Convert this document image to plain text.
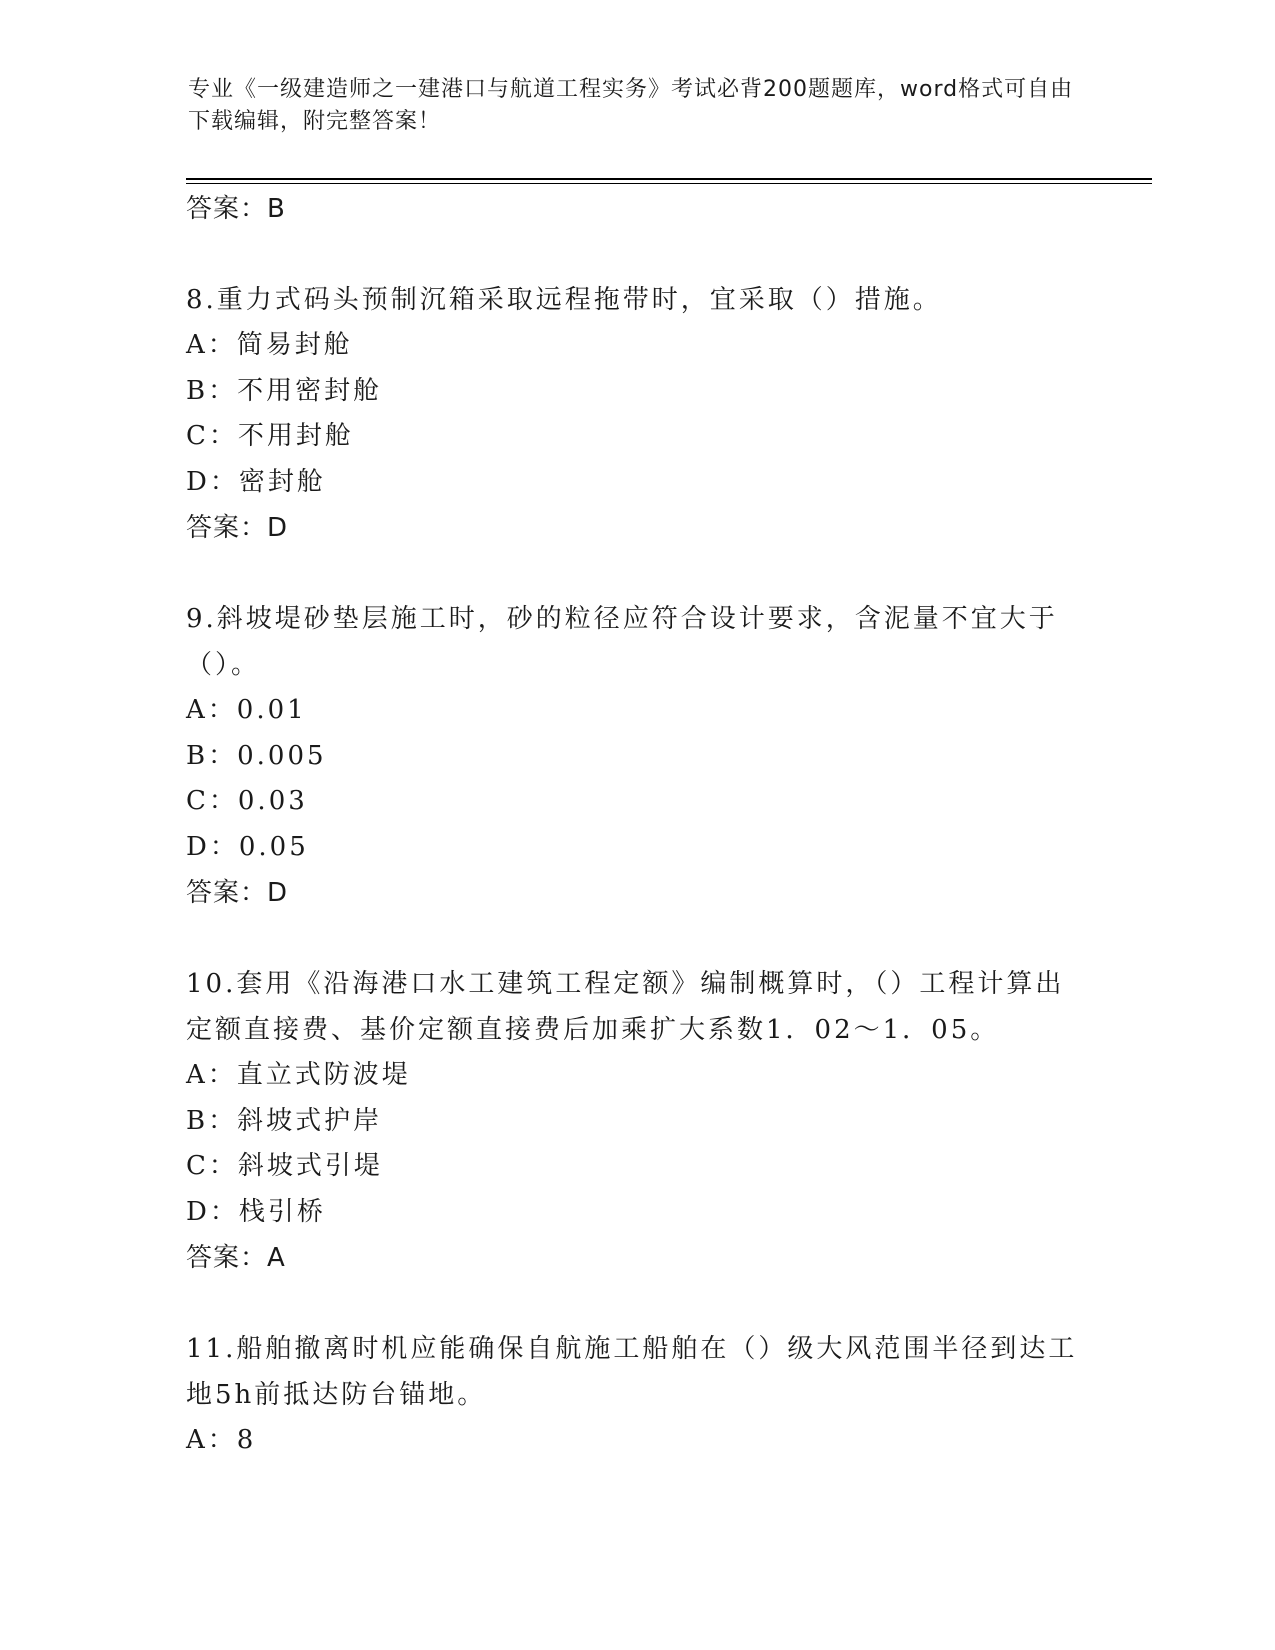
专业《一级建造师之一建港口与航道工程实务》考试必背200题题库，word格式可自由下载编辑，附完整答案！
答案：B
8.重力式码头预制沉箱采取远程拖带时，宜采取（）措施。
A：简易封舱
B：不用密封舱
C：不用封舱
D：密封舱
答案：D
9.斜坡堤砂垫层施工时，砂的粒径应符合设计要求，含泥量不宜大于（）。
A：0.01
B：0.005
C：0.03
D：0.05
答案：D
10.套用《沿海港口水工建筑工程定额》编制概算时，（）工程计算出定额直接费、基价定额直接费后加乘扩大系数1．02～1．05。
A：直立式防波堤
B：斜坡式护岸
C：斜坡式引堤
D：栈引桥
答案：A
11.船舶撤离时机应能确保自航施工船舶在（）级大风范围半径到达工地5h前抵达防台锚地。
A：8
